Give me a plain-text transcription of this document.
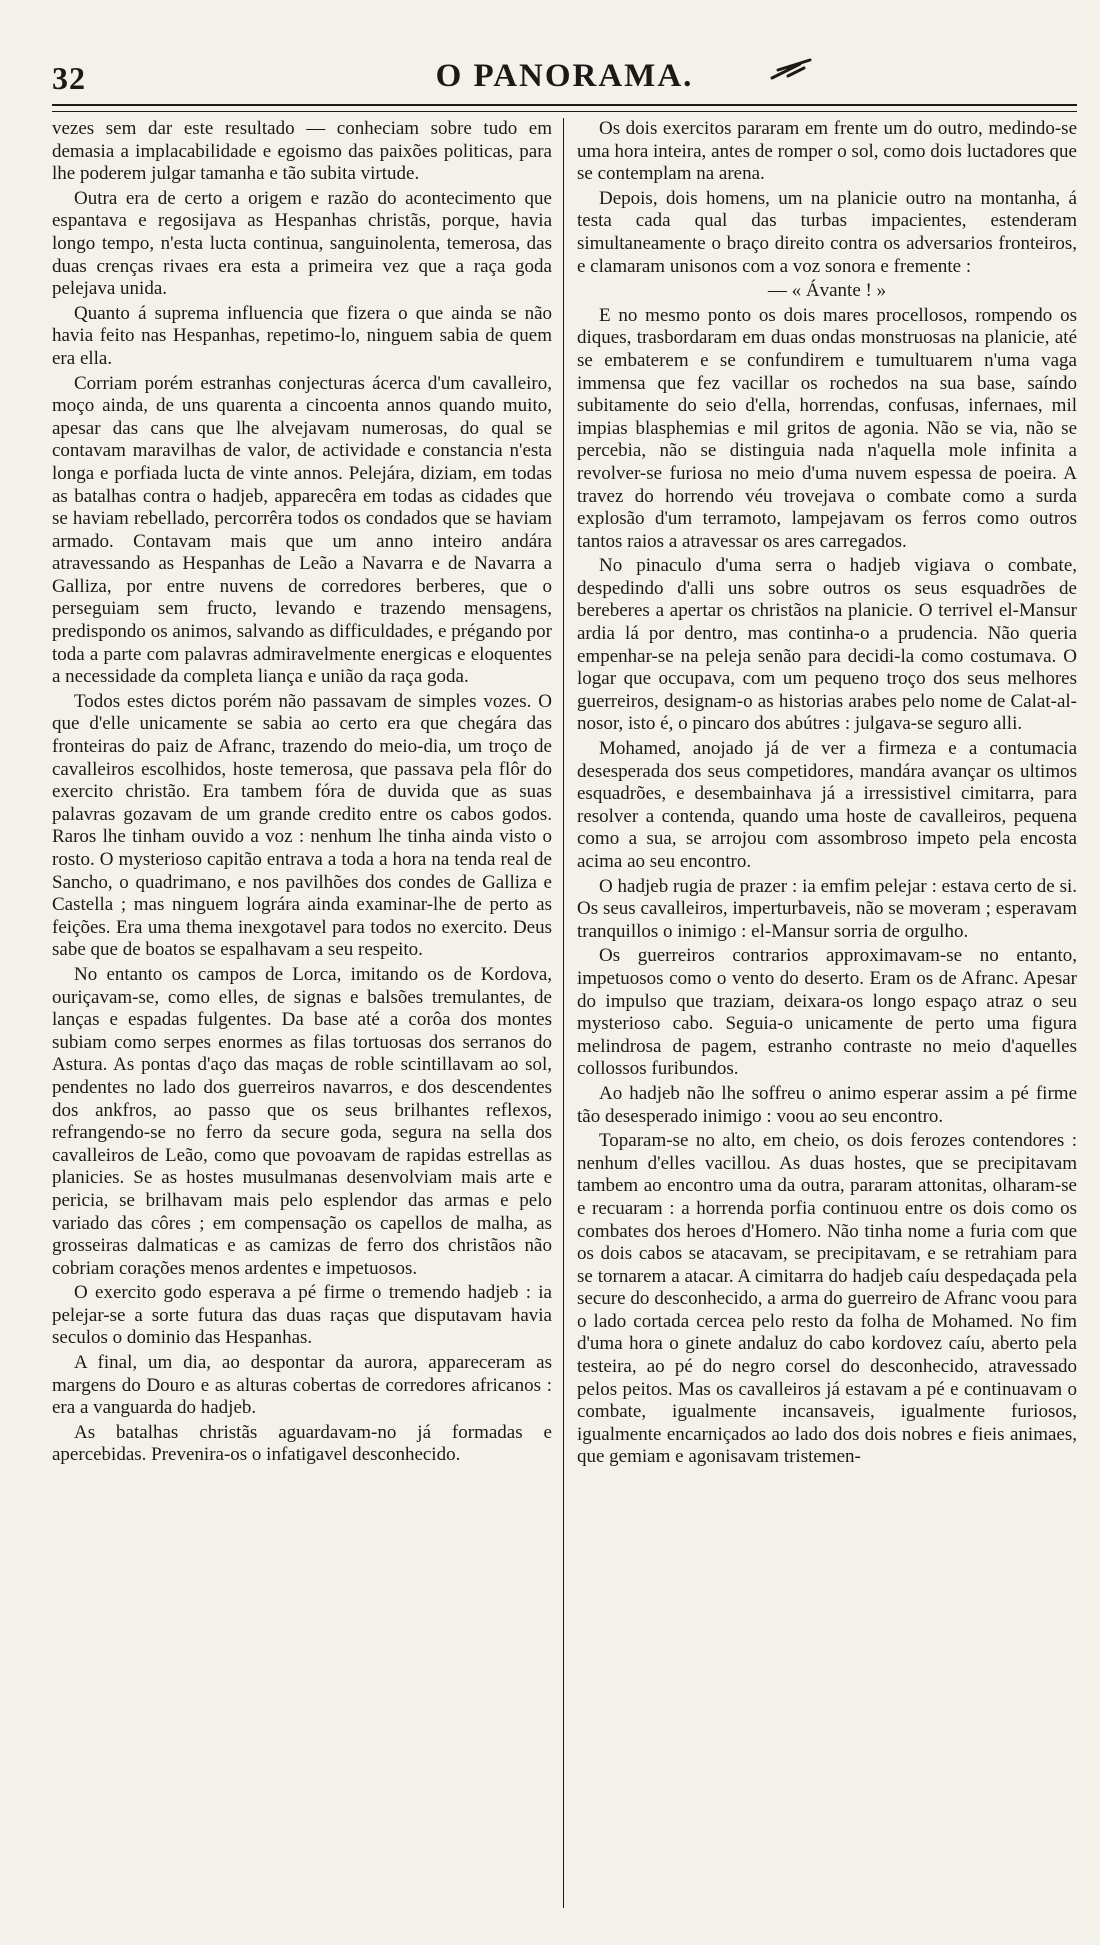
32	O PANORAMA.

vezes sem dar este resultado — conheciam sobre tudo em demasia a implacabilidade e egoismo das paixões politicas, para lhe poderem julgar tamanha e tão subita virtude.

Outra era de certo a origem e razão do acontecimento que espantava e regosijava as Hespanhas christãs, porque, havia longo tempo, n'esta lucta continua, sanguinolenta, temerosa, das duas crenças rivaes era esta a primeira vez que a raça goda pelejava unida.

Quanto á suprema influencia que fizera o que ainda se não havia feito nas Hespanhas, repetimo-lo, ninguem sabia de quem era ella.

Corriam porém estranhas conjecturas ácerca d'um cavalleiro, moço ainda, de uns quarenta a cincoenta annos quando muito, apesar das cans que lhe alvejavam numerosas, do qual se contavam maravilhas de valor, de actividade e constancia n'esta longa e porfiada lucta de vinte annos. Pelejára, diziam, em todas as batalhas contra o hadjeb, apparecêra em todas as cidades que se haviam rebellado, percorrêra todos os condados que se haviam armado. Contavam mais que um anno inteiro andára atravessando as Hespanhas de Leão a Navarra e de Navarra a Galliza, por entre nuvens de corredores berberes, que o perseguiam sem fructo, levando e trazendo mensagens, predispondo os animos, salvando as difficuldades, e prégando por toda a parte com palavras admiravelmente energicas e eloquentes a necessidade da completa liança e união da raça goda.

Todos estes dictos porém não passavam de simples vozes. O que d'elle unicamente se sabia ao certo era que chegára das fronteiras do paiz de Afranc, trazendo do meio-dia, um troço de cavalleiros escolhidos, hoste temerosa, que passava pela flôr do exercito christão. Era tambem fóra de duvida que as suas palavras gozavam de um grande credito entre os cabos godos. Raros lhe tinham ouvido a voz : nenhum lhe tinha ainda visto o rosto. O mysterioso capitão entrava a toda a hora na tenda real de Sancho, o quadrimano, e nos pavilhões dos condes de Galliza e Castella ; mas ninguem lográra ainda examinar-lhe de perto as feições. Era uma thema inexgotavel para todos no exercito. Deus sabe que de boatos se espalhavam a seu respeito.

No entanto os campos de Lorca, imitando os de Kordova, ouriçavam-se, como elles, de signas e balsões tremulantes, de lanças e espadas fulgentes. Da base até a corôa dos montes subiam como serpes enormes as filas tortuosas dos serranos do Astura. As pontas d'aço das maças de roble scintillavam ao sol, pendentes no lado dos guerreiros navarros, e dos descendentes dos ankfros, ao passo que os seus brilhantes reflexos, refrangendo-se no ferro da secure goda, segura na sella dos cavalleiros de Leão, como que povoavam de rapidas estrellas as planicies. Se as hostes musulmanas desenvolviam mais arte e pericia, se brilhavam mais pelo esplendor das armas e pelo variado das côres ; em compensação os capellos de malha, as grosseiras dalmaticas e as camizas de ferro dos christãos não cobriam corações menos ardentes e impetuosos.

O exercito godo esperava a pé firme o tremendo hadjeb : ia pelejar-se a sorte futura das duas raças que disputavam havia seculos o dominio das Hespanhas.

A final, um dia, ao despontar da aurora, appareceram as margens do Douro e as alturas cobertas de corredores africanos : era a vanguarda do hadjeb.

As batalhas christãs aguardavam-no já formadas e apercebidas. Prevenira-os o infatigavel desconhecido.

Os dois exercitos pararam em frente um do outro, medindo-se uma hora inteira, antes de romper o sol, como dois luctadores que se contemplam na arena.

Depois, dois homens, um na planicie outro na montanha, á testa cada qual das turbas impacientes, estenderam simultaneamente o braço direito contra os adversarios fronteiros, e clamaram unisonos com a voz sonora e fremente :

— « Ávante ! »

E no mesmo ponto os dois mares procellosos, rompendo os diques, trasbordaram em duas ondas monstruosas na planicie, até se embaterem e se confundirem e tumultuarem n'uma vaga immensa que fez vacillar os rochedos na sua base, saíndo subitamente do seio d'ella, horrendas, confusas, infernaes, mil impias blasphemias e mil gritos de agonia. Não se via, não se percebia, não se distinguia nada n'aquella mole infinita a revolver-se furiosa no meio d'uma nuvem espessa de poeira. A travez do horrendo véu trovejava o combate como a surda explosão d'um terramoto, lampejavam os ferros como outros tantos raios a atravessar os ares carregados.

No pinaculo d'uma serra o hadjeb vigiava o combate, despedindo d'alli uns sobre outros os seus esquadrões de bereberes a apertar os christãos na planicie. O terrivel el-Mansur ardia lá por dentro, mas continha-o a prudencia. Não queria empenhar-se na peleja senão para decidi-la como costumava. O logar que occupava, com um pequeno troço dos seus melhores guerreiros, designam-o as historias arabes pelo nome de Calat-al-nosor, isto é, o pincaro dos abútres : julgava-se seguro alli.

Mohamed, anojado já de ver a firmeza e a contumacia desesperada dos seus competidores, mandára avançar os ultimos esquadrões, e desembainhava já a irressistivel cimitarra, para resolver a contenda, quando uma hoste de cavalleiros, pequena como a sua, se arrojou com assombroso impeto pela encosta acima ao seu encontro.

O hadjeb rugia de prazer : ia emfim pelejar : estava certo de si. Os seus cavalleiros, imperturbaveis, não se moveram ; esperavam tranquillos o inimigo : el-Mansur sorria de orgulho.

Os guerreiros contrarios approximavam-se no entanto, impetuosos como o vento do deserto. Eram os de Afranc. Apesar do impulso que traziam, deixara-os longo espaço atraz o seu mysterioso cabo. Seguia-o unicamente de perto uma figura melindrosa de pagem, estranho contraste no meio d'aquelles collossos furibundos.

Ao hadjeb não lhe soffreu o animo esperar assim a pé firme tão desesperado inimigo : voou ao seu encontro.

Toparam-se no alto, em cheio, os dois ferozes contendores : nenhum d'elles vacillou. As duas hostes, que se precipitavam tambem ao encontro uma da outra, pararam attonitas, olharam-se e recuaram : a horrenda porfia continuou entre os dois como os combates dos heroes d'Homero. Não tinha nome a furia com que os dois cabos se atacavam, se precipitavam, e se retrahiam para se tornarem a atacar. A cimitarra do hadjeb caíu despedaçada pela secure do desconhecido, a arma do guerreiro de Afranc voou para o lado cortada cercea pelo resto da folha de Mohamed. No fim d'uma hora o ginete andaluz do cabo kordovez caíu, aberto pela testeira, ao pé do negro corsel do desconhecido, atravessado pelos peitos. Mas os cavalleiros já estavam a pé e continuavam o combate, igualmente incansaveis, igualmente furiosos, igualmente encarniçados ao lado dos dois nobres e fieis animaes, que gemiam e agonisavam tristemen-
